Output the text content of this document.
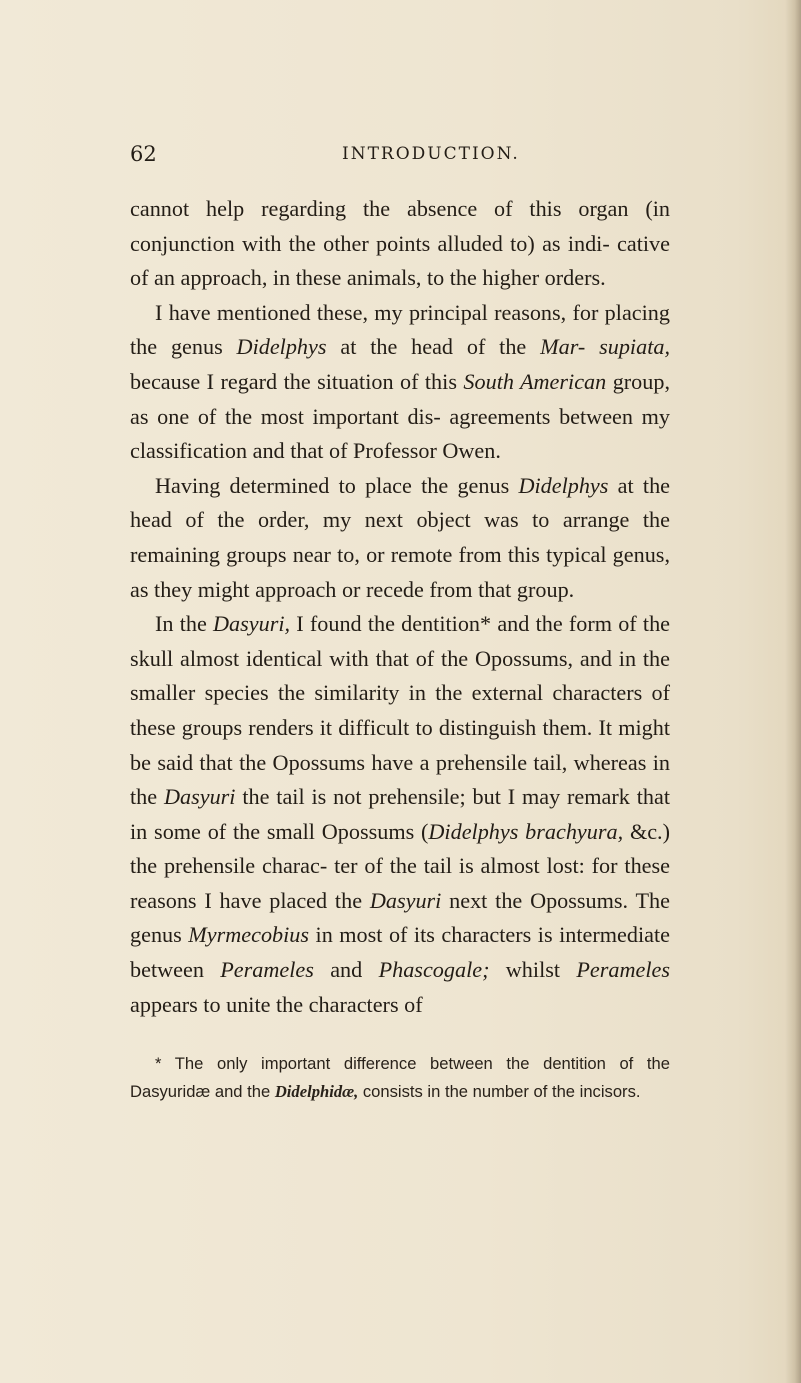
62	INTRODUCTION.

cannot help regarding the absence of this organ (in conjunction with the other points alluded to) as indi- cative of an approach, in these animals, to the higher orders.

I have mentioned these, my principal reasons, for placing the genus Didelphys at the head of the Mar- supiata, because I regard the situation of this South American group, as one of the most important dis- agreements between my classification and that of Professor Owen.

Having determined to place the genus Didelphys at the head of the order, my next object was to arrange the remaining groups near to, or remote from this typical genus, as they might approach or recede from that group.

In the Dasyuri, I found the dentition* and the form of the skull almost identical with that of the Opossums, and in the smaller species the similarity in the external characters of these groups renders it difficult to distinguish them. It might be said that the Opossums have a prehensile tail, whereas in the Dasyuri the tail is not prehensile; but I may remark that in some of the small Opossums (Didelphys brachyura, &c.) the prehensile charac- ter of the tail is almost lost: for these reasons I have placed the Dasyuri next the Opossums. The genus Myrmecobius in most of its characters is intermediate between Perameles and Phascogale; whilst Perameles appears to unite the characters of

* The only important difference between the dentition of the Dasyuridæ and the Didelphidæ, consists in the number of the incisors.
